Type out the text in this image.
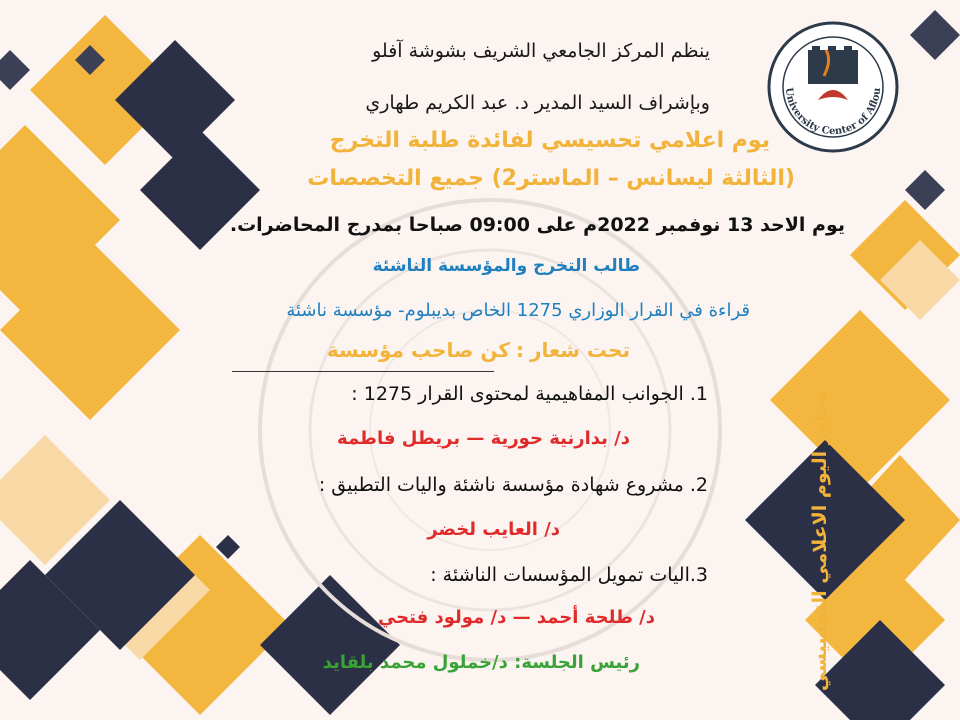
University Center of Aflou
ينظم المركز الجامعي الشريف بشوشة آفلو
وبإشراف السيد المدير د. عبد الكريم طهاري
يوم اعلامي تحسيسي لفائدة طلبة التخرج
(الثالثة ليسانس – الماستر2) جميع التخصصات
يوم الاحد 13 نوفمبر 2022م على 09:00 صباحا بمدرج المحاضرات.
طالب التخرج والمؤسسة الناشئة
قراءة في القرار الوزاري 1275 الخاص بديبلوم- مؤسسة ناشئة
تحت شعار:كن صاحب مؤسسة
1. الجوانب المفاهيمية لمحتوى القرار 1275 :
د/ بدارنية حورية — بريطل فاطمة
2. مشروع شهادة مؤسسة ناشئة واليات التطبيق :
د/ العايب لخضر
3.اليات تمويل المؤسسات الناشئة :
د/ طلحة أحمد — د/ مولود فتحي
رئيس الجلسة: د/خملول محمد بلقايد	محاور اليوم الاعلامي التحسيسي
